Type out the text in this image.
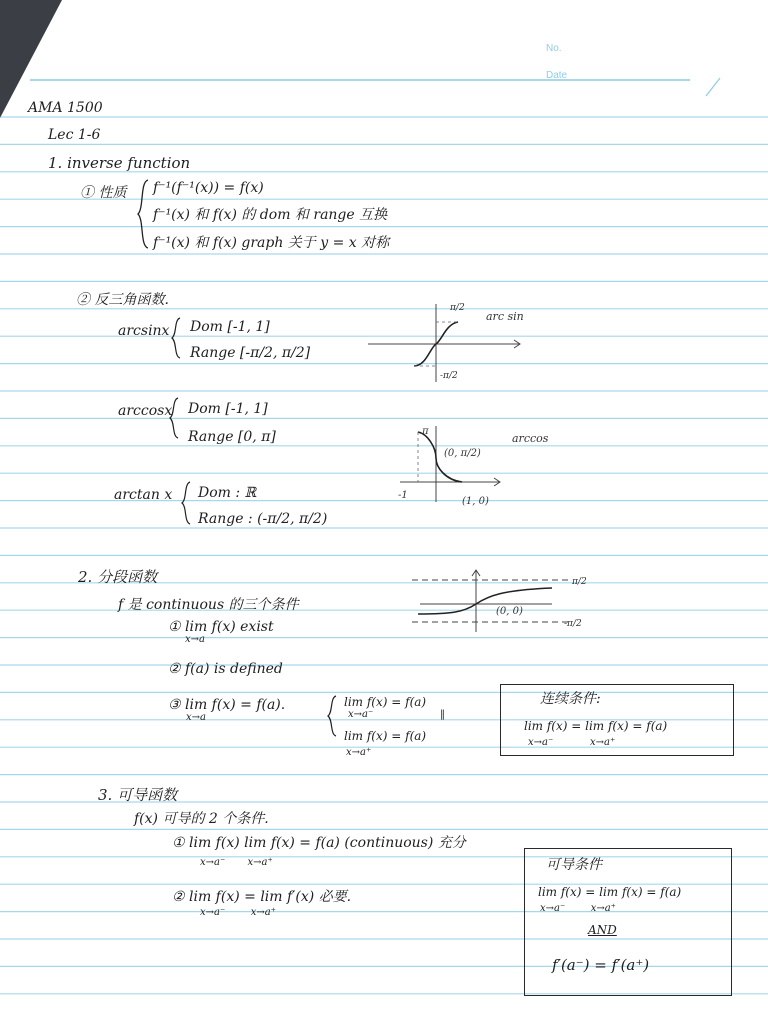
No.
Date
AMA 1500
Lec 1-6
1. inverse function
① 性质 f⁻¹(f⁻¹(x)) = f(x)
f⁻¹(x) 和 f(x) 的 dom 和 range 互换
f⁻¹(x) 和 f(x) graph 关于 y = x 对称
② 反三角函数.
arcsinx Dom [-1, 1]
Range [-π/2, π/2]
π/2
-π/2
arc sin
arccosx Dom [-1, 1]
Range [0, π]	π
(0, π/2)
(1, 0)
-1
arccos
arctan x Dom : ℝ
Range : (-π/2, π/2)
2. 分段函数
f 是 continuous 的三个条件
π/2
-π/2
(0, 0)
① lim f(x) exist
x→a
② f(a) is defined
③ lim f(x) = f(a).
x→a
lim f(x) = f(a)
x→a⁻	‖
lim f(x) = f(a)
x→a⁺
连续条件:
lim f(x) = lim f(x) = f(a)
x→a⁻	x→a⁺
3. 可导函数
f(x) 可导的 2 个条件.
① lim f(x) lim f(x) = f(a) (continuous) 充分
x→a⁻       x→a⁺
② lim f(x) = lim f′(x) 必要.
x→a⁻        x→a⁺
可导条件
lim f(x) = lim f(x) = f(a)
x→a⁻        x→a⁺
AND
f′(a⁻) = f′(a⁺)
